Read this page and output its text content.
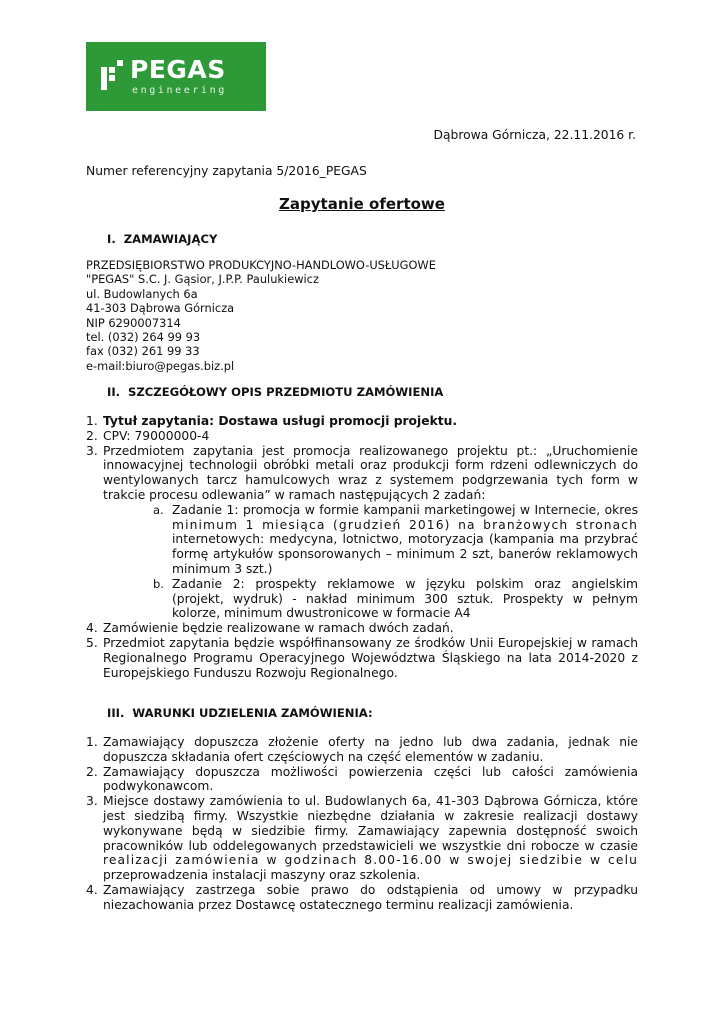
PEGAS
engineering
Dąbrowa Górnicza, 22.11.2016 r.
Numer referencyjny zapytania 5/2016_PEGAS
Zapytanie ofertowe
I. ZAMAWIAJĄCY
PRZEDSIĘBIORSTWO PRODUKCYJNO-HANDLOWO-USŁUGOWE
"PEGAS" S.C. J. Gąsior, J.P.P. Paulukiewicz
ul. Budowlanych 6a
41-303 Dąbrowa Górnicza
NIP 6290007314
tel. (032) 264 99 93
fax (032) 261 99 33
e-mail:biuro@pegas.biz.pl
II. SZCZEGÓŁOWY OPIS PRZEDMIOTU ZAMÓWIENIA
1. Tytuł zapytania: Dostawa usługi promocji projektu.
2. CPV: 79000000-4
3. Przedmiotem zapytania jest promocja realizowanego projektu pt.: „Uruchomienie innowacyjnej technologii obróbki metali oraz produkcji form rdzeni odlewniczych do wentylowanych tarcz hamulcowych wraz z systemem podgrzewania tych form w trakcie procesu odlewania” w ramach następujących 2 zadań:
a. Zadanie 1: promocja w formie kampanii marketingowej w Internecie, okres minimum 1 miesiąca (grudzień 2016) na branżowych stronach internetowych: medycyna, lotnictwo, motoryzacja (kampania ma przybrać formę artykułów sponsorowanych – minimum 2 szt, banerów reklamowych minimum 3 szt.)
b. Zadanie 2: prospekty reklamowe w języku polskim oraz angielskim (projekt, wydruk) - nakład minimum 300 sztuk. Prospekty w pełnym kolorze, minimum dwustronicowe w formacie A4
4. Zamówienie będzie realizowane w ramach dwóch zadań.
5. Przedmiot zapytania będzie współfinansowany ze środków Unii Europejskiej w ramach Regionalnego Programu Operacyjnego Województwa Śląskiego na lata 2014-2020 z Europejskiego Funduszu Rozwoju Regionalnego.
III. WARUNKI UDZIELENIA ZAMÓWIENIA:
1. Zamawiający dopuszcza złożenie oferty na jedno lub dwa zadania, jednak nie dopuszcza składania ofert częściowych na część elementów w zadaniu.
2. Zamawiający dopuszcza możliwości powierzenia części lub całości zamówienia podwykonawcom.
3. Miejsce dostawy zamówienia to ul. Budowlanych 6a, 41-303 Dąbrowa Górnicza, które jest siedzibą firmy. Wszystkie niezbędne działania w zakresie realizacji dostawy wykonywane będą w siedzibie firmy. Zamawiający zapewnia dostępność swoich pracowników lub oddelegowanych przedstawicieli we wszystkie dni robocze w czasie realizacji zamówienia w godzinach 8.00-16.00 w swojej siedzibie w celu przeprowadzenia instalacji maszyny oraz szkolenia.
4. Zamawiający zastrzega sobie prawo do odstąpienia od umowy w przypadku niezachowania przez Dostawcę ostatecznego terminu realizacji zamówienia.
